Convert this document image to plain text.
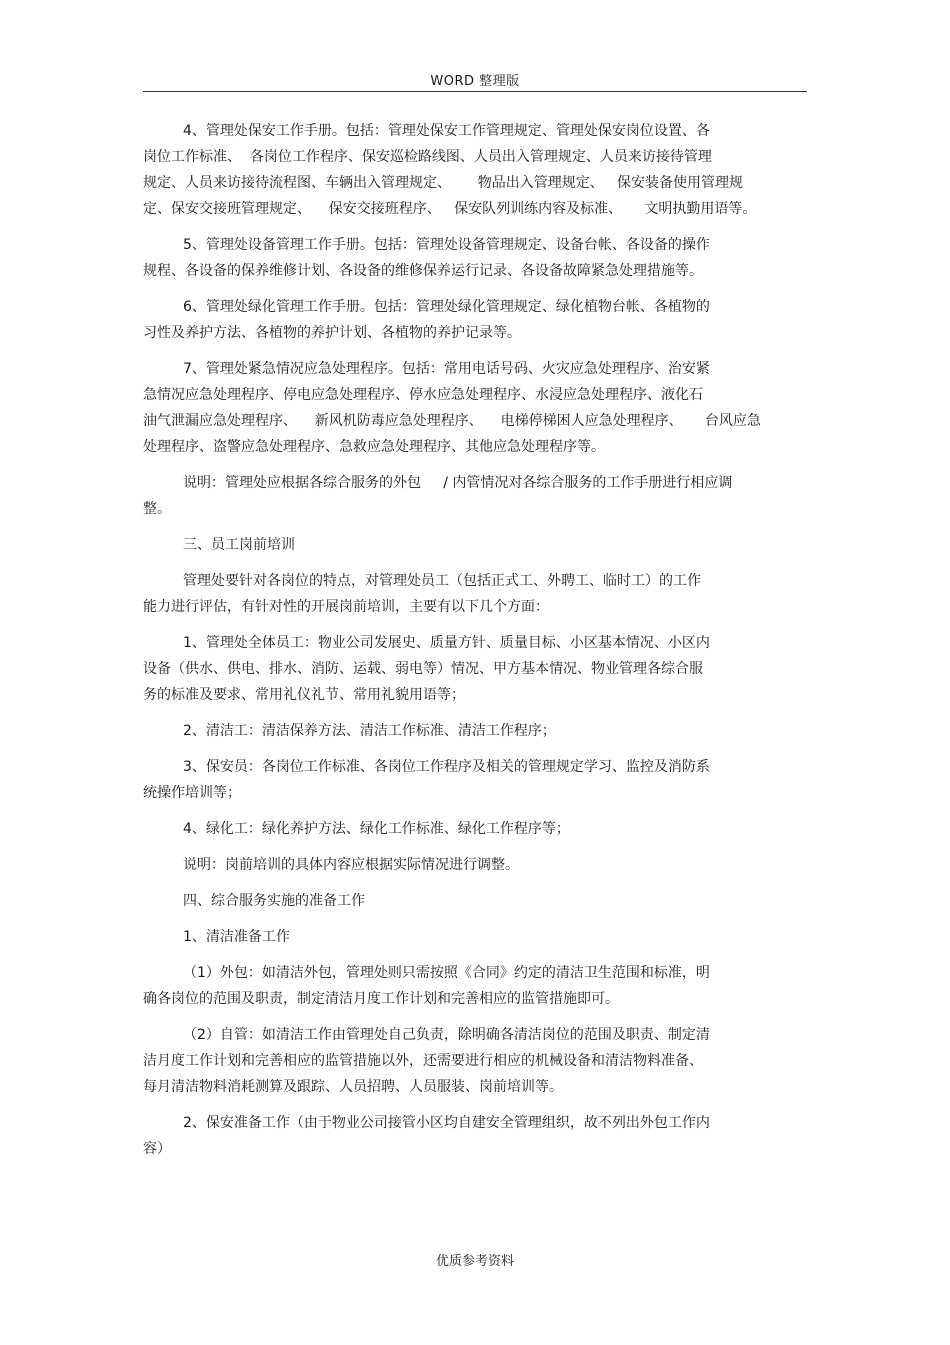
WORD 整理版
4、管理处保安工作手册。包括：管理处保安工作管理规定、管理处保安岗位设置、各
岗位工作标准、  各岗位工作程序、保安巡检路线图、人员出入管理规定、人员来访接待管理
规定、人员来访接待流程图、车辆出入管理规定、      物品出入管理规定、   保安装备使用管理规
定、保安交接班管理规定、    保安交接班程序、   保安队列训练内容及标准、     文明执勤用语等。
5、管理处设备管理工作手册。包括：管理处设备管理规定、设备台帐、各设备的操作
规程、各设备的保养维修计划、各设备的维修保养运行记录、各设备故障紧急处理措施等。
6、管理处绿化管理工作手册。包括：管理处绿化管理规定、绿化植物台帐、各植物的
习性及养护方法、各植物的养护计划、各植物的养护记录等。
7、管理处紧急情况应急处理程序。包括：常用电话号码、火灾应急处理程序、治安紧
急情况应急处理程序、停电应急处理程序、停水应急处理程序、水浸应急处理程序、液化石
油气泄漏应急处理程序、    新风机防毒应急处理程序、    电梯停梯困人应急处理程序、     台风应急
处理程序、盗警应急处理程序、急救应急处理程序、其他应急处理程序等。
说明：管理处应根据各综合服务的外包     / 内管情况对各综合服务的工作手册进行相应调
整。
三、员工岗前培训
管理处要针对各岗位的特点，对管理处员工（包括正式工、外聘工、临时工）的工作
能力进行评估，有针对性的开展岗前培训，主要有以下几个方面：
1、管理处全体员工：物业公司发展史、质量方针、质量目标、小区基本情况、小区内
设备（供水、供电、排水、消防、运载、弱电等）情况、甲方基本情况、物业管理各综合服
务的标准及要求、常用礼仪礼节、常用礼貌用语等；
2、清洁工：清洁保养方法、清洁工作标准、清洁工作程序；
3、保安员：各岗位工作标准、各岗位工作程序及相关的管理规定学习、监控及消防系
统操作培训等；
4、绿化工：绿化养护方法、绿化工作标准、绿化工作程序等；
说明：岗前培训的具体内容应根据实际情况进行调整。
四、综合服务实施的准备工作
1、清洁准备工作
（1）外包：如清洁外包，管理处则只需按照《合同》约定的清洁卫生范围和标准，明
确各岗位的范围及职责，制定清洁月度工作计划和完善相应的监管措施即可。
（2）自管：如清洁工作由管理处自己负责，除明确各清洁岗位的范围及职责、制定清
洁月度工作计划和完善相应的监管措施以外，还需要进行相应的机械设备和清洁物料准备、
每月清洁物料消耗测算及跟踪、人员招聘、人员服装、岗前培训等。
2、保安准备工作（由于物业公司接管小区均自建安全管理组织，故不列出外包工作内
容）
优质参考资料
